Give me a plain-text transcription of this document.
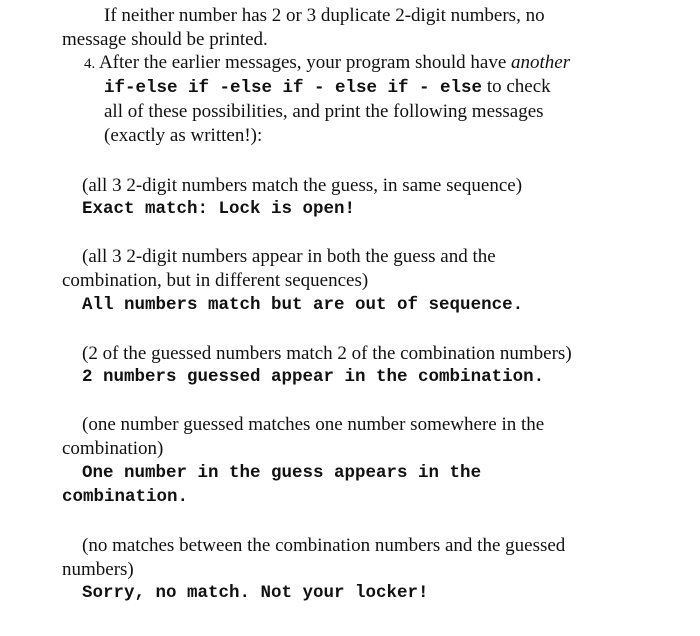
If neither number has 2 or 3 duplicate 2-digit numbers, no
message should be printed.
4. After the earlier messages, your program should have another
if-else if -else if - else if - else to check
all of these possibilities, and print the following messages
(exactly as written!):
(all 3 2-digit numbers match the guess, in same sequence)
Exact match: Lock is open!
(all 3 2-digit numbers appear in both the guess and the
combination, but in different sequences)
All numbers match but are out of sequence.
(2 of the guessed numbers match 2 of the combination numbers)
2 numbers guessed appear in the combination.
(one number guessed matches one number somewhere in the
combination)
One number in the guess appears in the
combination.
(no matches between the combination numbers and the guessed
numbers)
Sorry, no match. Not your locker!
